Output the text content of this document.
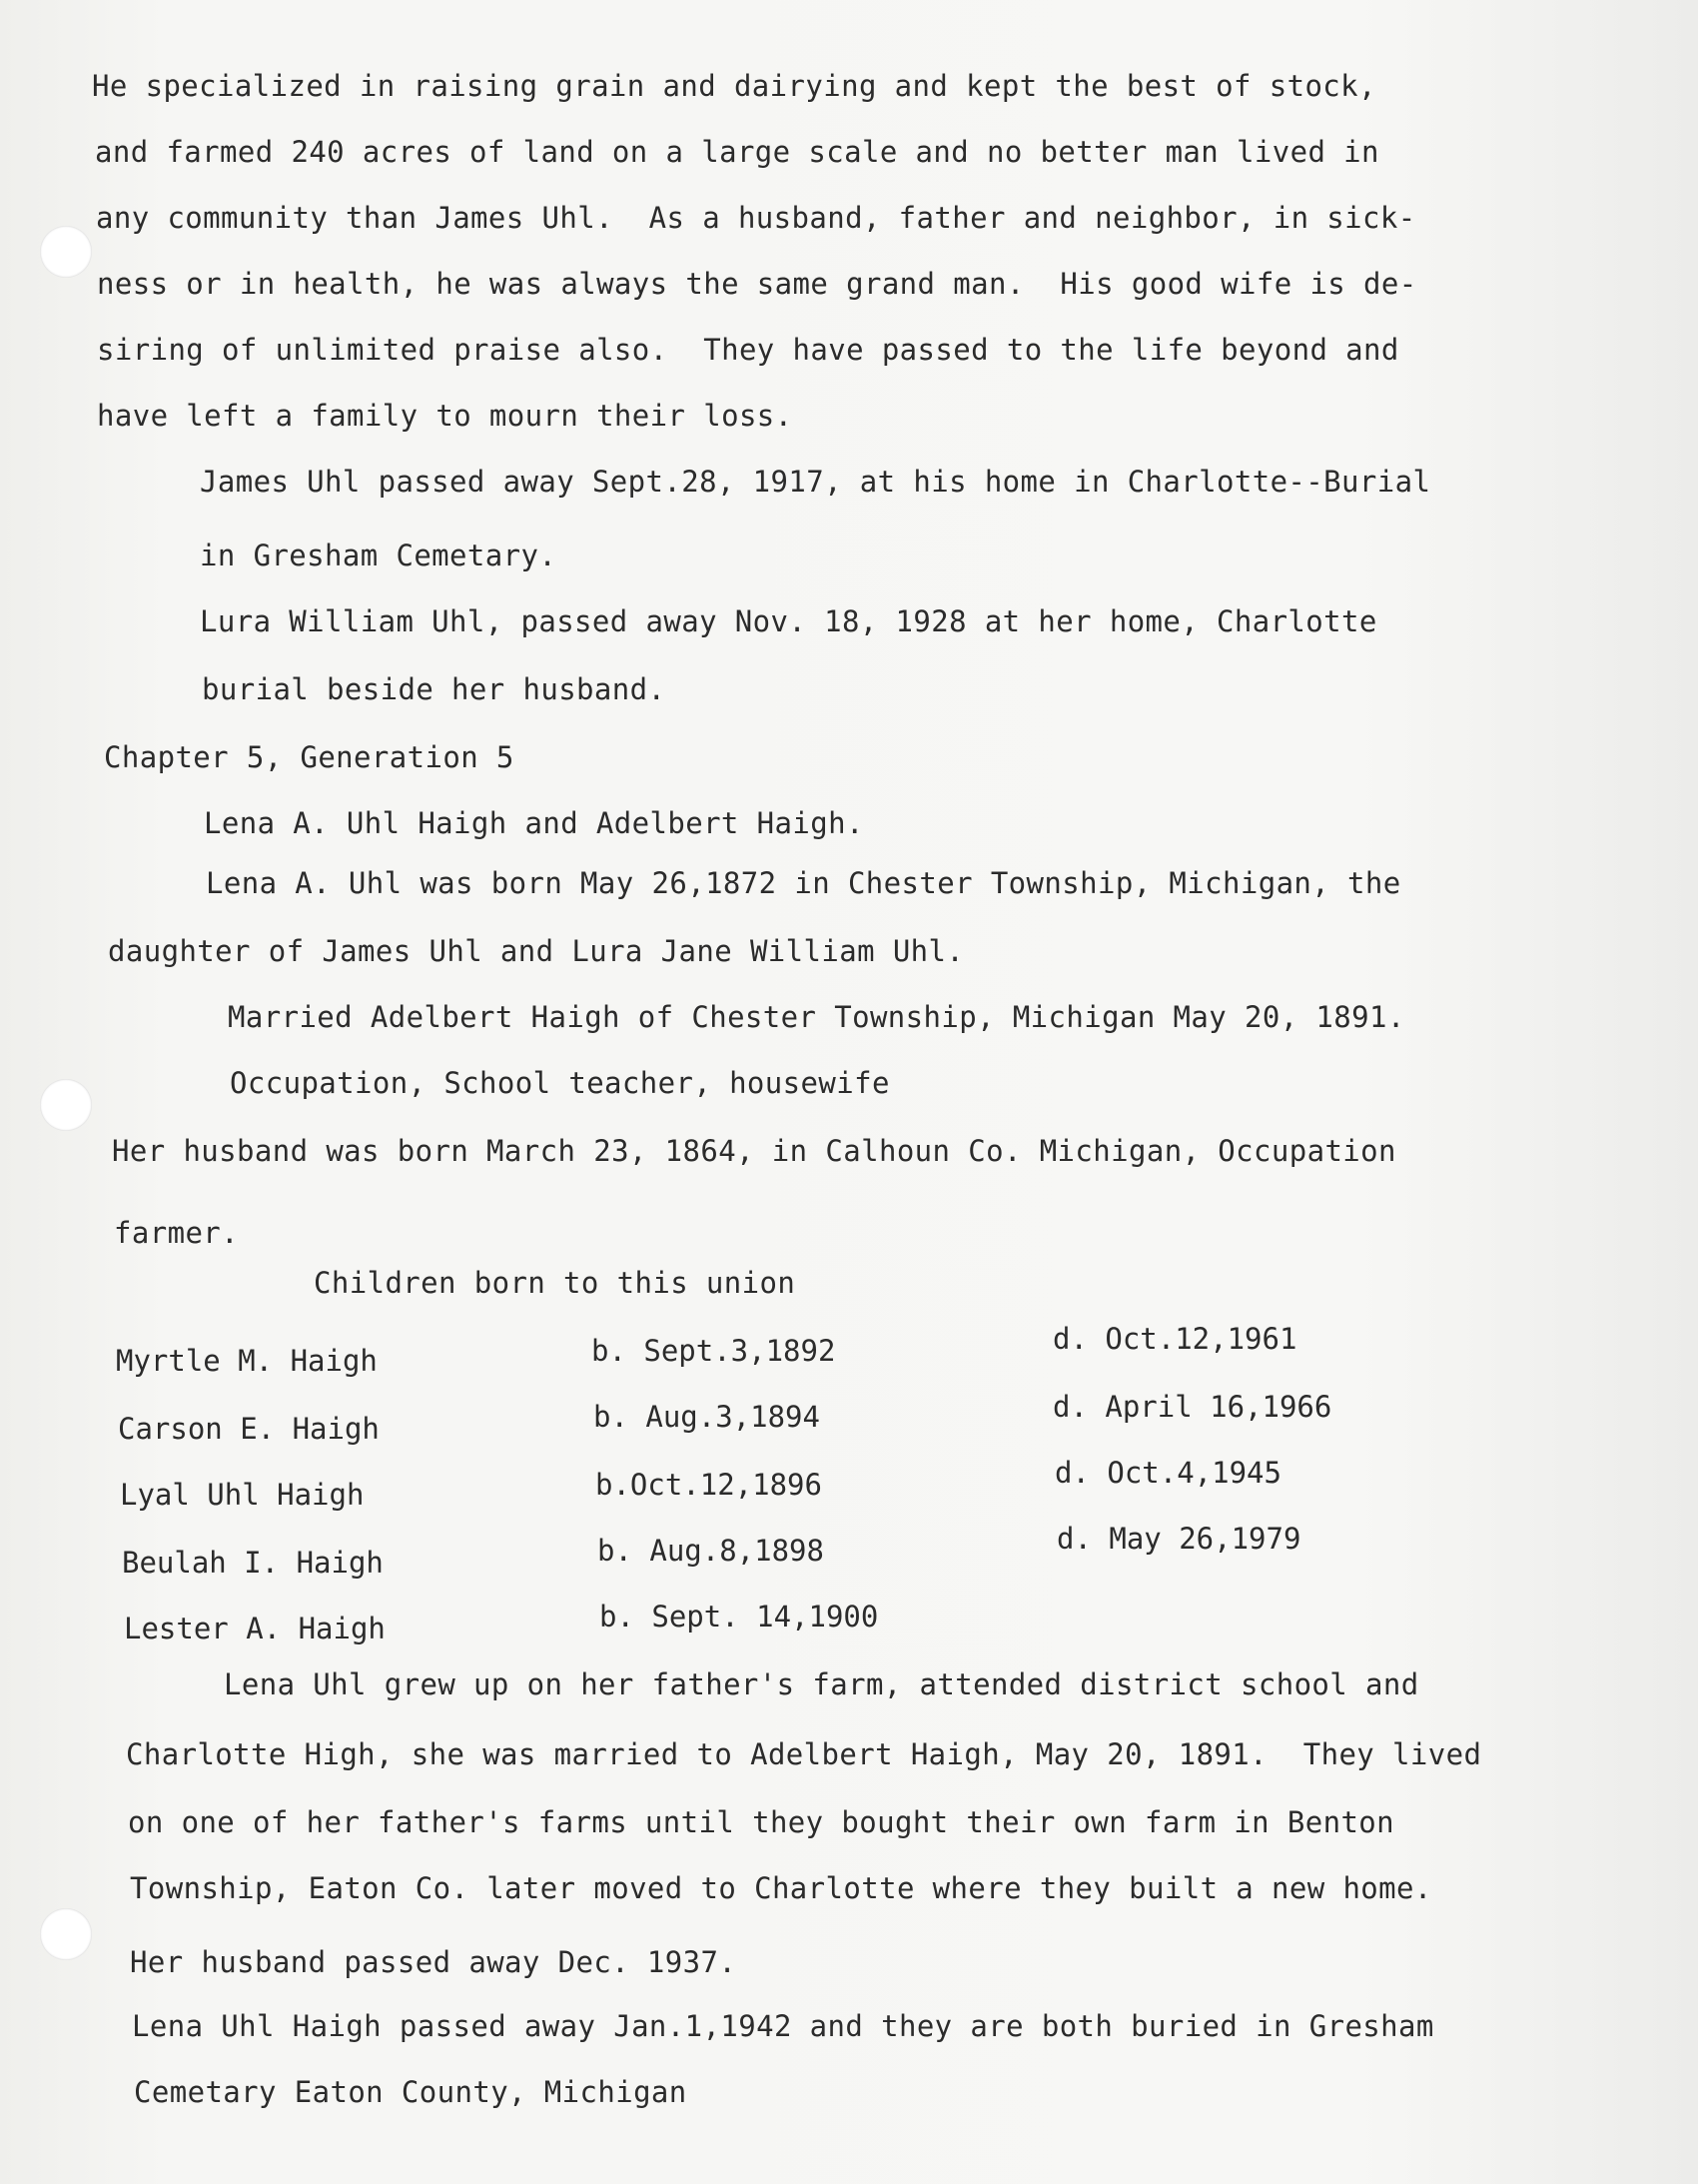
He specialized in raising grain and dairying and kept the best of stock,
and farmed 240 acres of land on a large scale and no better man lived in
any community than James Uhl.  As a husband, father and neighbor, in sick-
ness or in health, he was always the same grand man.  His good wife is de-
siring of unlimited praise also.  They have passed to the life beyond and
have left a family to mourn their loss.
James Uhl passed away Sept.28, 1917, at his home in Charlotte--Burial
in Gresham Cemetary.
Lura William Uhl, passed away Nov. 18, 1928 at her home, Charlotte
burial beside her husband.
Chapter 5, Generation 5
Lena A. Uhl Haigh and Adelbert Haigh.
Lena A. Uhl was born May 26,1872 in Chester Township, Michigan, the
daughter of James Uhl and Lura Jane William Uhl.
Married Adelbert Haigh of Chester Township, Michigan May 20, 1891.
Occupation, School teacher, housewife
Her husband was born March 23, 1864, in Calhoun Co. Michigan, Occupation
farmer.
Children born to this union
Myrtle M. Haigh	b. Sept.3,1892	d. Oct.12,1961
Carson E. Haigh	b. Aug.3,1894	d. April 16,1966
Lyal Uhl Haigh	b.Oct.12,1896	d. Oct.4,1945
Beulah I. Haigh	b. Aug.8,1898	d. May 26,1979
Lester A. Haigh	b. Sept. 14,1900
Lena Uhl grew up on her father's farm, attended district school and
Charlotte High, she was married to Adelbert Haigh, May 20, 1891.  They lived
on one of her father's farms until they bought their own farm in Benton
Township, Eaton Co. later moved to Charlotte where they built a new home.
Her husband passed away Dec. 1937.
Lena Uhl Haigh passed away Jan.1,1942 and they are both buried in Gresham
Cemetary Eaton County, Michigan
